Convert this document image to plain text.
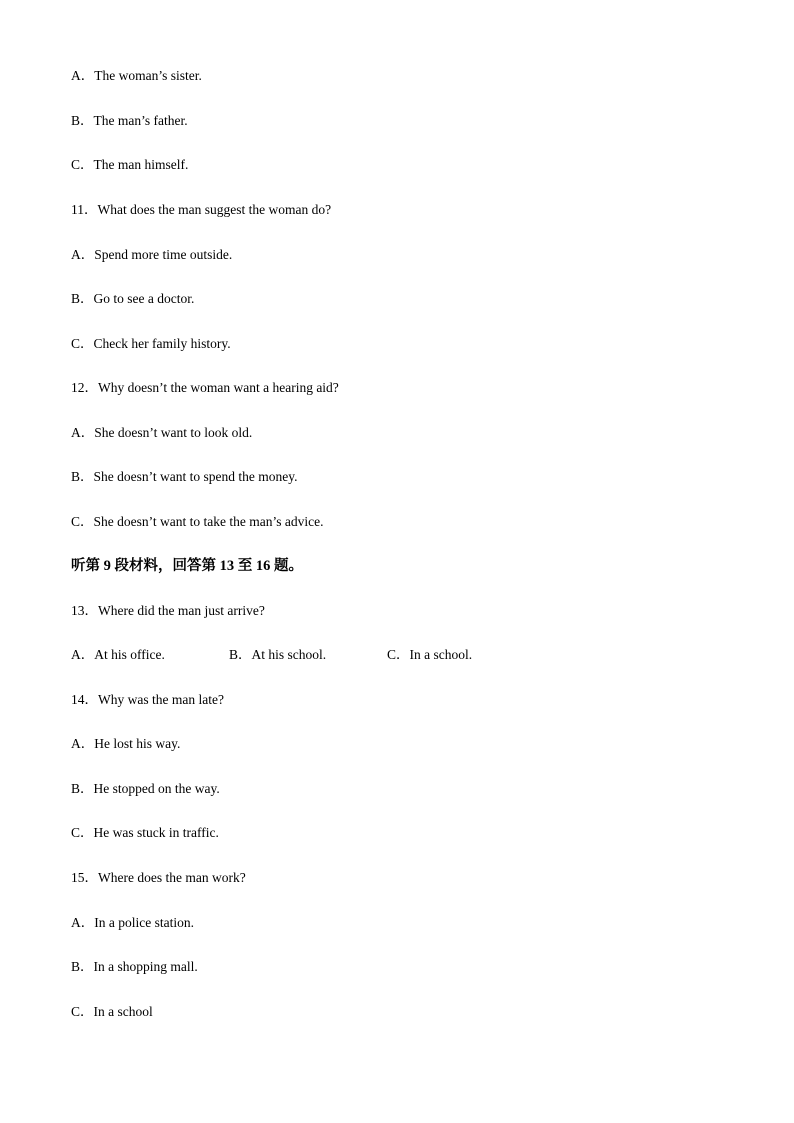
A．The woman’s sister.
B．The man’s father.
C．The man himself.
11．What does the man suggest the woman do?
A．Spend more time outside.
B．Go to see a doctor.
C．Check her family history.
12．Why doesn’t the woman want a hearing aid?
A．She doesn’t want to look old.
B．She doesn’t want to spend the money.
C．She doesn’t want to take the man’s advice.
听第 9 段材料，回答第 13 至 16 题。
13．Where did the man just arrive?
A．At his office.	B．At his school.	C．In a school.
14．Why was the man late?
A．He lost his way.
B．He stopped on the way.
C．He was stuck in traffic.
15．Where does the man work?
A．In a police station.
B．In a shopping mall.
C．In a school
